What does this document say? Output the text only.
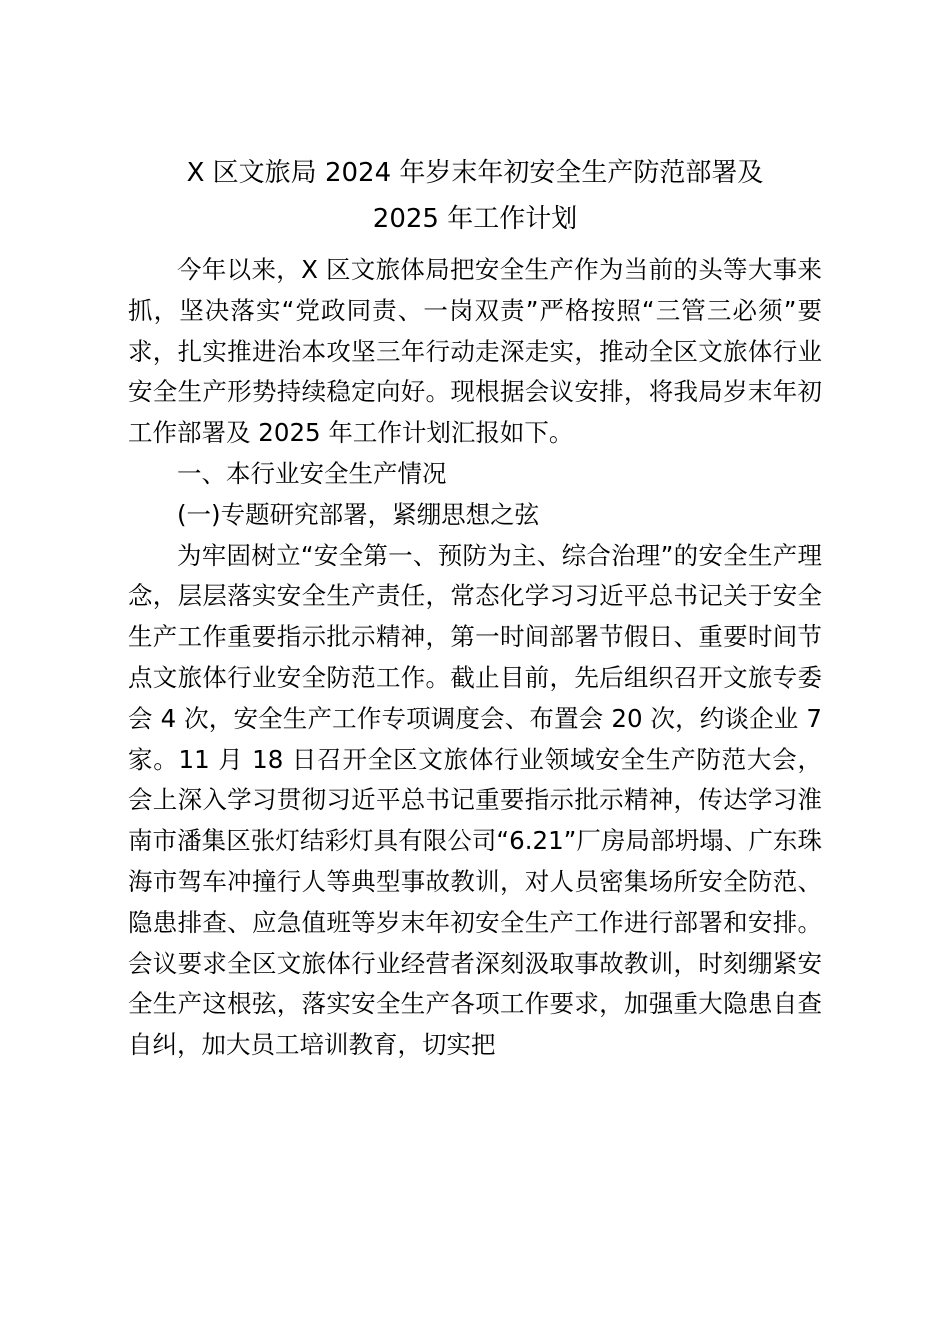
X 区文旅局 2024 年岁末年初安全生产防范部署及
2025 年工作计划

今年以来，X 区文旅体局把安全生产作为当前的头等大事来抓，坚决落实“党政同责、一岗双责”严格按照“三管三必须”要求，扎实推进治本攻坚三年行动走深走实，推动全区文旅体行业安全生产形势持续稳定向好。现根据会议安排，将我局岁末年初工作部署及 2025 年工作计划汇报如下。

一、本行业安全生产情况

(一)专题研究部署，紧绷思想之弦

为牢固树立“安全第一、预防为主、综合治理”的安全生产理念，层层落实安全生产责任，常态化学习习近平总书记关于安全生产工作重要指示批示精神，第一时间部署节假日、重要时间节点文旅体行业安全防范工作。截止目前，先后组织召开文旅专委会 4 次，安全生产工作专项调度会、布置会 20 次，约谈企业 7 家。11 月 18 日召开全区文旅体行业领域安全生产防范大会，会上深入学习贯彻习近平总书记重要指示批示精神，传达学习淮南市潘集区张灯结彩灯具有限公司“6.21”厂房局部坍塌、广东珠海市驾车冲撞行人等典型事故教训，对人员密集场所安全防范、隐患排查、应急值班等岁末年初安全生产工作进行部署和安排。会议要求全区文旅体行业经营者深刻汲取事故教训，时刻绷紧安全生产这根弦，落实安全生产各项工作要求，加强重大隐患自查自纠，加大员工培训教育，切实把
